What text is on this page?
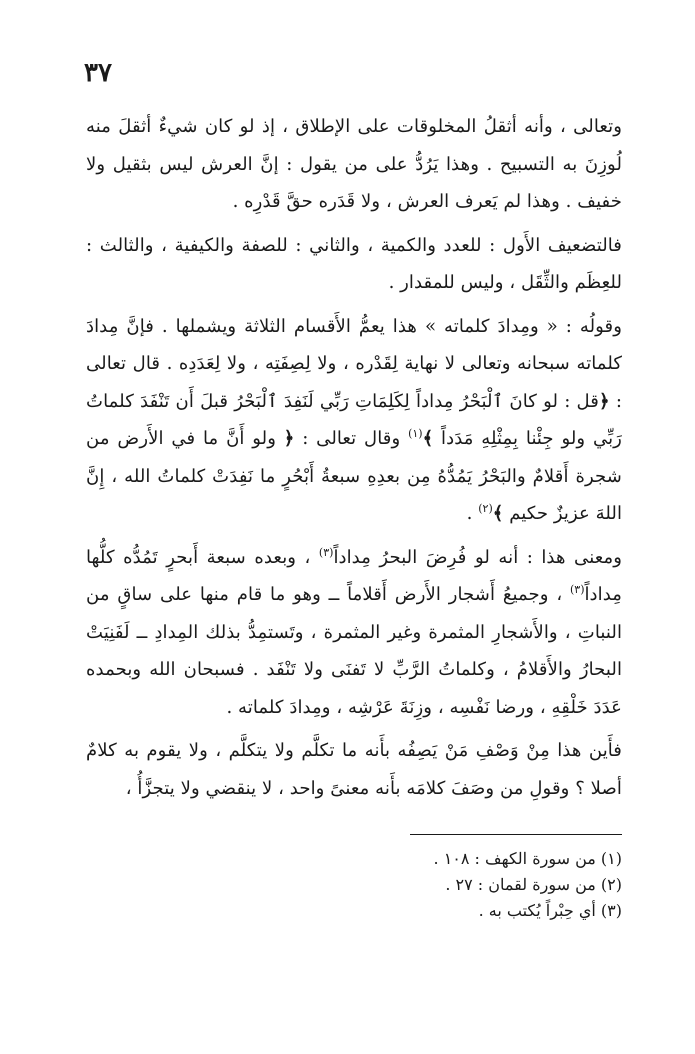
٣٧

وتعالى ، وأنه أثقلُ المخلوقات على الإطلاق ، إذ لو كان شيءٌ أثقلَ منه لُوزِنَ به التسبيح . وهذا يَرُدُّ على من يقول : إنَّ العرش ليس بثقيل ولا خفيف . وهذا لم يَعرف العرش ، ولا قَدَره حقَّ قَدْرِه .

فالتضعيف الأَول : للعدد والكمية ، والثاني : للصفة والكيفية ، والثالث : للعِظَم والثِّقَل ، وليس للمقدار .

وقولُه : « ومِدادَ كلماته » هذا يعمُّ الأَقسام الثلاثة ويشملها . فإنَّ مِدادَ كلماته سبحانه وتعالى لا نهاية لِقَدْره ، ولا لِصِفَتِه ، ولا لِعَدَدِه . قال تعالى : ﴿قل : لو كانَ ٱلْبَحْرُ مِداداً لِكَلِمَاتِ رَبِّي لَنَفِدَ ٱلْبَحْرُ قبلَ أَن تَنْفَدَ كلماتُ رَبِّي ولو جِئْنا بِمِثْلِهِ مَدَداً ﴾$^{(١)}$ وقال تعالى : ﴿ ولو أَنَّ ما في الأَرض من شجرة أَقلامٌ والبَحْرُ يَمُدُّهُ مِن بعدِهِ سبعةُ أَبْحُرٍ ما نَفِدَتْ كلماتُ الله ، إِنَّ اللهَ عزيزٌ حكيم ﴾$^{(٢)}$ .

ومعنى هذا : أنه لو فُرِضَ البحرُ مِداداً$^{(٣)}$ ، وبعده سبعة أَبحرٍ تَمُدُّه كلُّها مِداداً$^{(٣)}$ ، وجميعُ أَشجار الأَرض أَقلاماً ــ وهو ما قام منها على ساقٍ من النباتِ ، والأَشجارِ المثمرة وغير المثمرة ، وتَستمِدُّ بذلك المِدادِ ــ لَفَنِيَتْ البحارُ والأَقلامُ ، وكلماتُ الرَّبِّ لا تَفنَى ولا تَنْفَد . فسبحان الله وبحمده عَدَدَ خَلْقِهِ ، ورضا نَفْسِه ، وزِنَةَ عَرْشِه ، ومِدادَ كلماته .

فأَين هذا مِنْ وَصْفِ مَنْ يَصِفُه بأَنه ما تكلَّم ولا يتكلَّم ، ولا يقوم به كلامٌ أصلا ؟ وقولِ من وصَفَ كلامَه بأَنه معنىً واحد ، لا ينقضي ولا يتجزَّأُ ،

(١) من سورة الكهف : ١٠٨ .

(٢) من سورة لقمان : ٢٧ .

(٣) أي حِبْراً يُكتب به .
